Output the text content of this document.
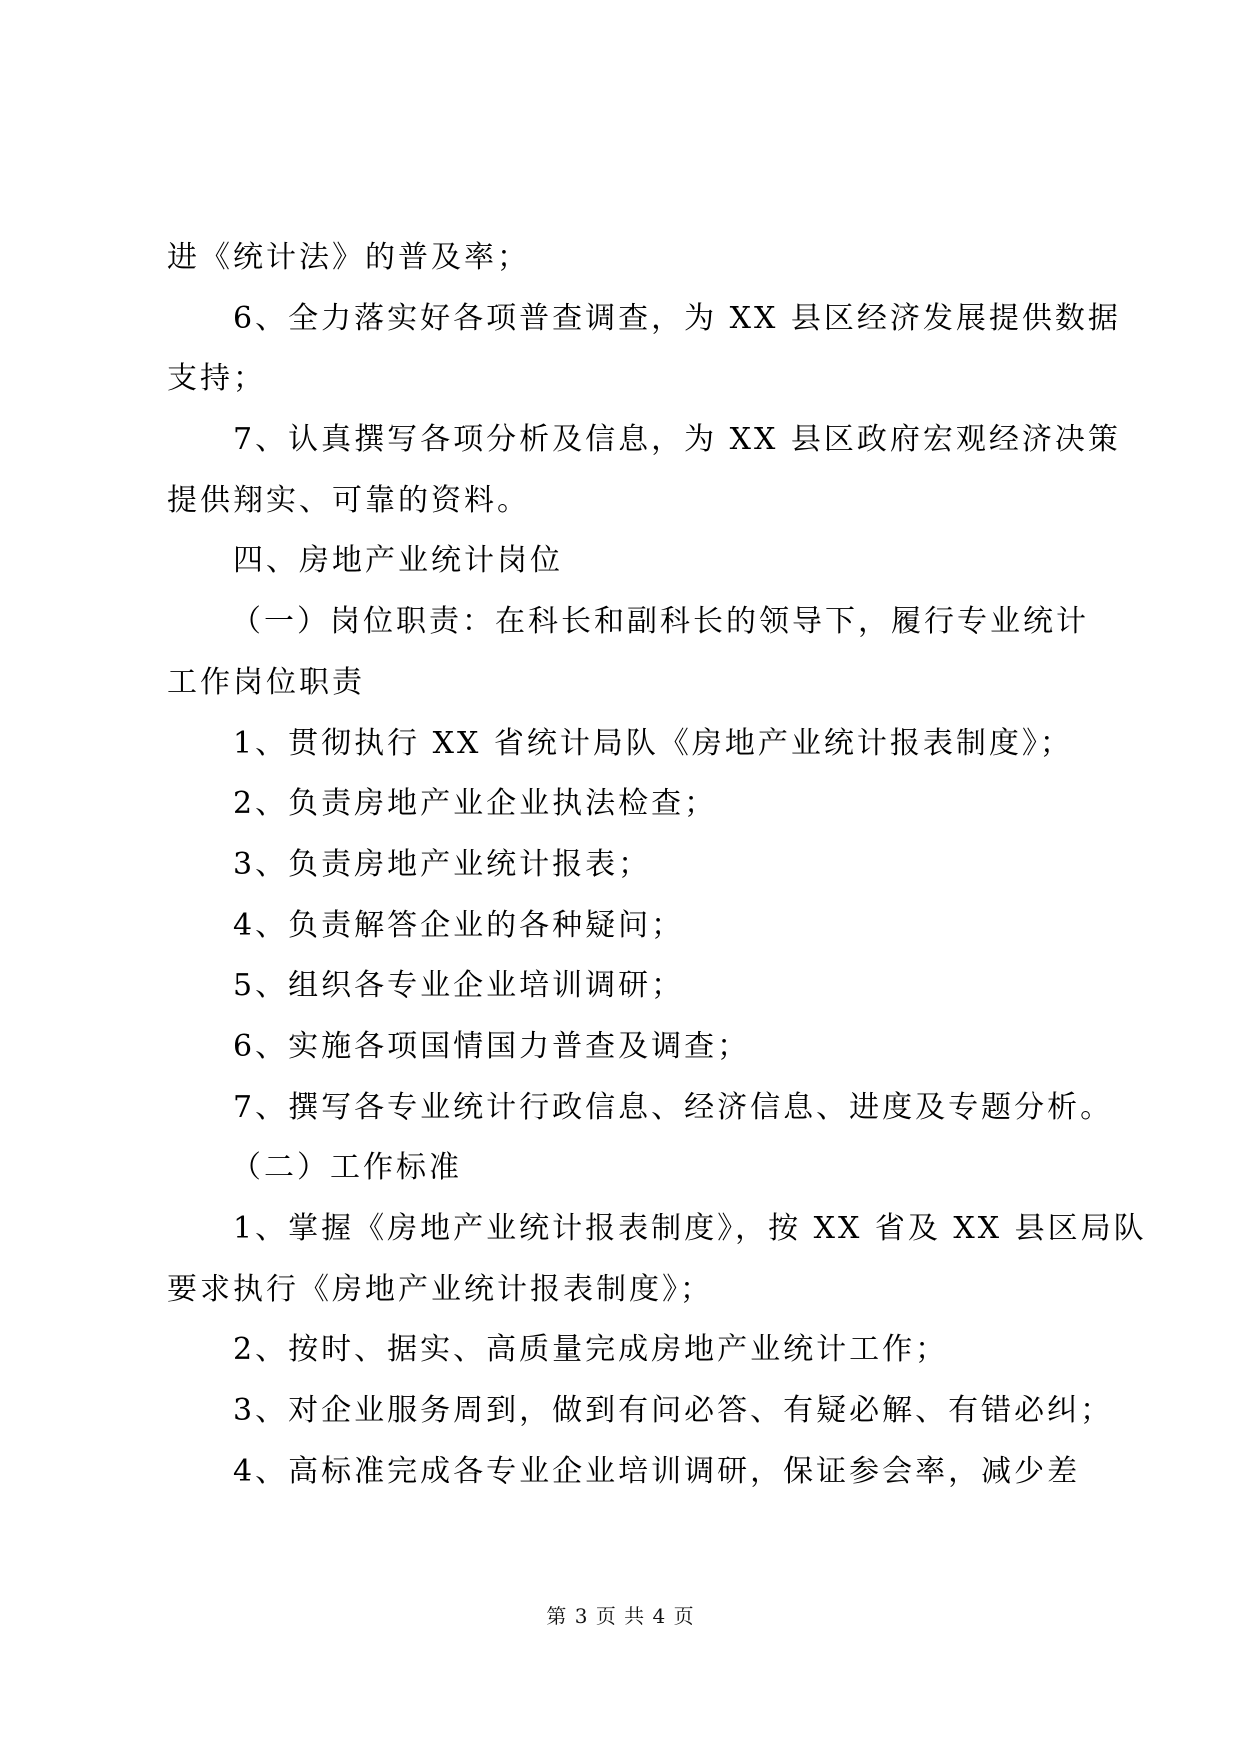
进《统计法》的普及率；
6、全力落实好各项普查调查，为 XX 县区经济发展提供数据
支持；
7、认真撰写各项分析及信息，为 XX 县区政府宏观经济决策
提供翔实、可靠的资料。
四、房地产业统计岗位
（一）岗位职责：在科长和副科长的领导下，履行专业统计
工作岗位职责
1、贯彻执行 XX 省统计局队《房地产业统计报表制度》；
2、负责房地产业企业执法检查；
3、负责房地产业统计报表；
4、负责解答企业的各种疑问；
5、组织各专业企业培训调研；
6、实施各项国情国力普查及调查；
7、撰写各专业统计行政信息、经济信息、进度及专题分析。
（二）工作标准
1、掌握《房地产业统计报表制度》，按 XX 省及 XX 县区局队
要求执行《房地产业统计报表制度》；
2、按时、据实、高质量完成房地产业统计工作；
3、对企业服务周到，做到有问必答、有疑必解、有错必纠；
4、高标准完成各专业企业培训调研，保证参会率，减少差
第 3 页 共 4 页
